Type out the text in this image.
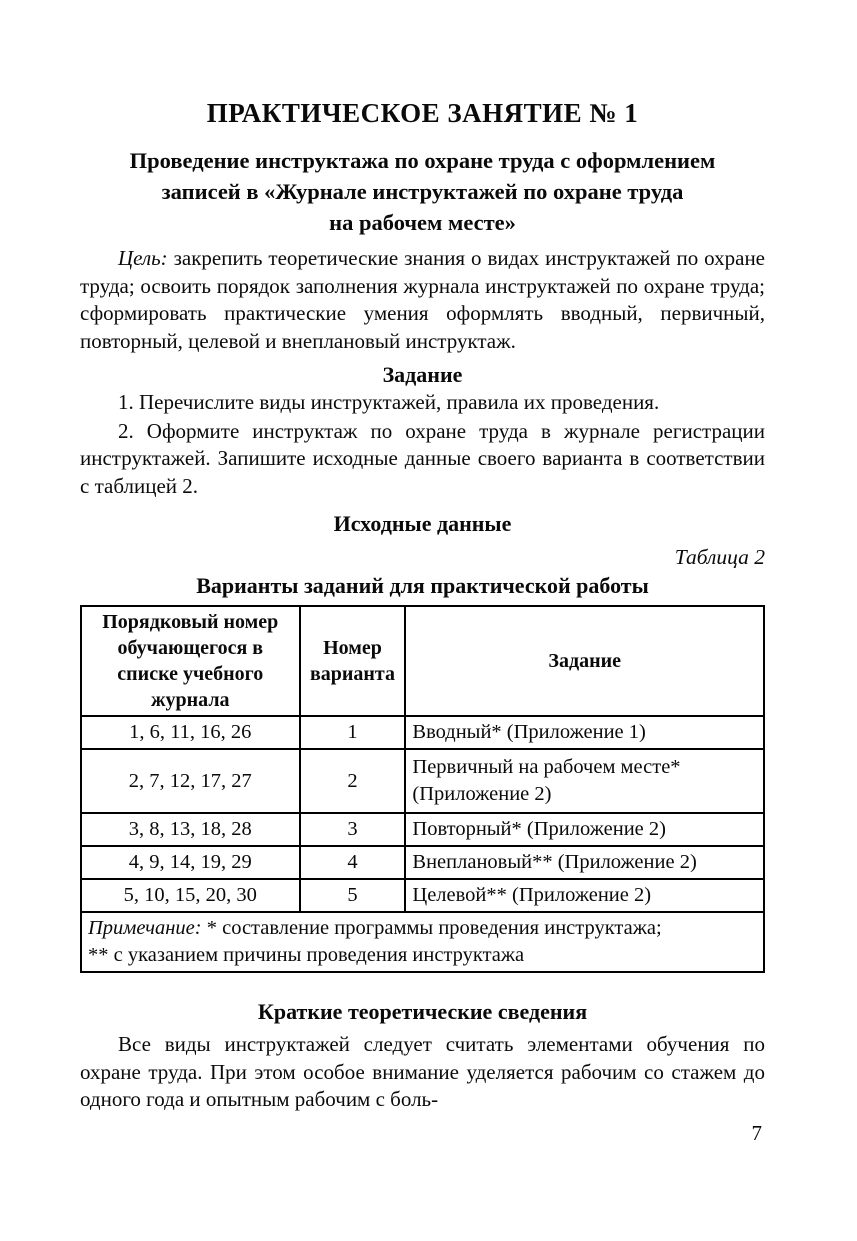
ПРАКТИЧЕСКОЕ ЗАНЯТИЕ № 1
Проведение инструктажа по охране труда с оформлением
записей в «Журнале инструктажей по охране труда
на рабочем месте»

Цель: закрепить теоретические знания о видах инструктажей по охране труда; освоить порядок заполнения журнала инструктажей по охране труда; сформировать практические умения оформлять вводный, первичный, повторный, целевой и внеплановый инструктаж.

Задание

1. Перечислите виды инструктажей, правила их проведения.

2. Оформите инструктаж по охране труда в журнале регистрации инструктажей. Запишите исходные данные своего варианта в соответствии с таблицей 2.

Исходные данные
Таблица 2
Варианты заданий для практической работы
Порядковый номер обучающегося в списке учебного журнала	Номер варианта	Задание
1, 6, 11, 16, 26	1	Вводный* (Приложение 1)
2, 7, 12, 17, 27	2	Первичный на рабочем месте* (Приложение 2)
3, 8, 13, 18, 28	3	Повторный* (Приложение 2)
4, 9, 14, 19, 29	4	Внеплановый** (Приложение 2)
5, 10, 15, 20, 30	5	Целевой** (Приложение 2)

Примечание: * составление программы проведения инструктажа;
** с указанием причины проведения инструктажа		
Краткие теоретические сведения

Все виды инструктажей следует считать элементами обучения по охране труда. При этом особое внимание уделяется рабочим со стажем до одного года и опытным рабочим с боль-

7
